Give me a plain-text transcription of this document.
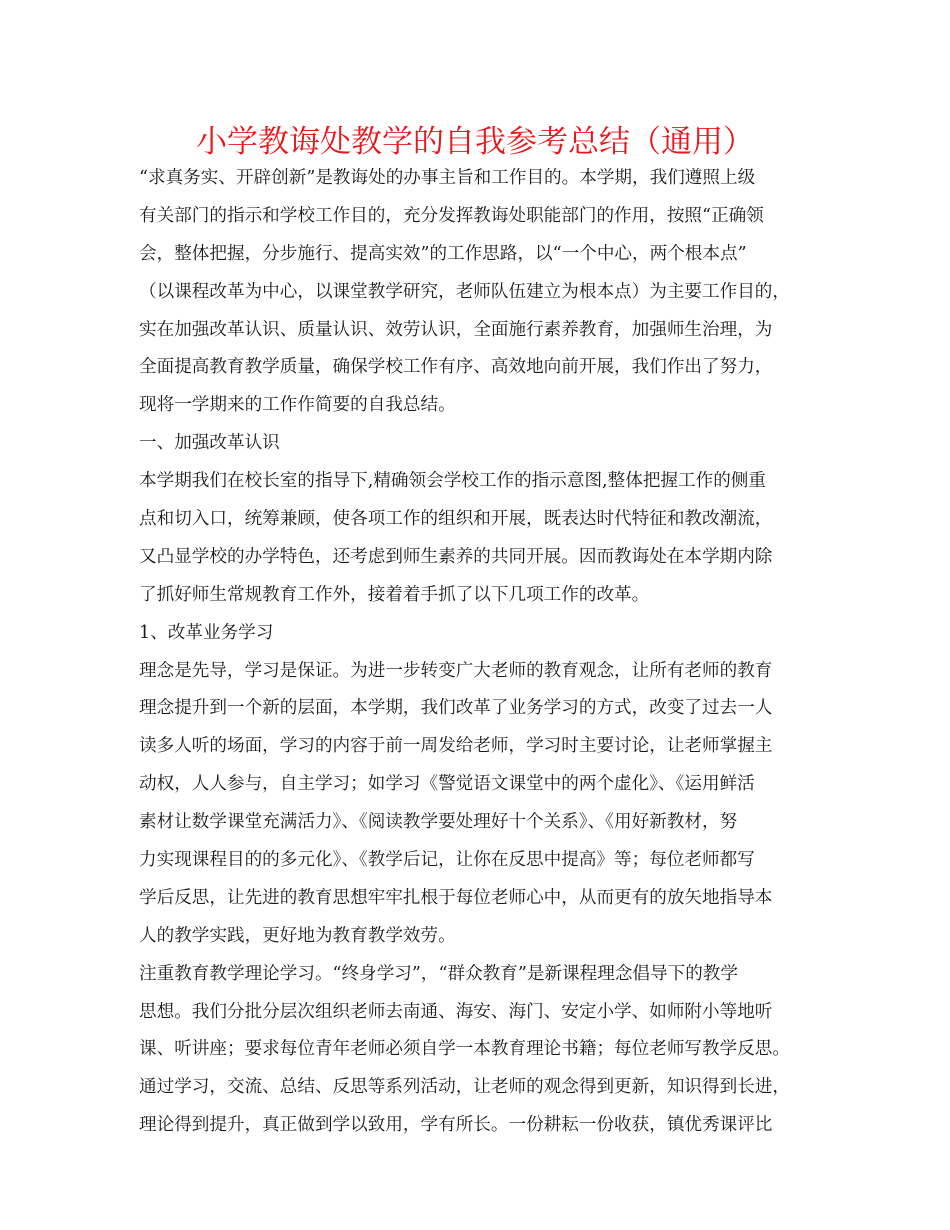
小学教诲处教学的自我参考总结（通用）
“求真务实、开辟创新”是教诲处的办事主旨和工作目的。本学期，我们遵照上级
有关部门的指示和学校工作目的，充分发挥教诲处职能部门的作用，按照“正确领
会，整体把握，分步施行、提高实效”的工作思路，以“一个中心，两个根本点”
（以课程改革为中心，以课堂教学研究，老师队伍建立为根本点）为主要工作目的，
实在加强改革认识、质量认识、效劳认识，全面施行素养教育，加强师生治理，为
全面提高教育教学质量，确保学校工作有序、高效地向前开展，我们作出了努力，
现将一学期来的工作作简要的自我总结。
一、加强改革认识
本学期我们在校长室的指导下,精确领会学校工作的指示意图,整体把握工作的侧重
点和切入口，统筹兼顾，使各项工作的组织和开展，既表达时代特征和教改潮流，
又凸显学校的办学特色，还考虑到师生素养的共同开展。因而教诲处在本学期内除
了抓好师生常规教育工作外，接着着手抓了以下几项工作的改革。
1、改革业务学习
理念是先导，学习是保证。为进一步转变广大老师的教育观念，让所有老师的教育
理念提升到一个新的层面，本学期，我们改革了业务学习的方式，改变了过去一人
读多人听的场面，学习的内容于前一周发给老师，学习时主要讨论，让老师掌握主
动权，人人参与，自主学习；如学习《警觉语文课堂中的两个虚化》、《运用鲜活
素材让数学课堂充满活力》、《阅读教学要处理好十个关系》、《用好新教材，努
力实现课程目的的多元化》、《教学后记，让你在反思中提高》等；每位老师都写
学后反思，让先进的教育思想牢牢扎根于每位老师心中，从而更有的放矢地指导本
人的教学实践，更好地为教育教学效劳。
注重教育教学理论学习。“终身学习”，“群众教育”是新课程理念倡导下的教学
思想。我们分批分层次组织老师去南通、海安、海门、安定小学、如师附小等地听
课、听讲座；要求每位青年老师必须自学一本教育理论书籍；每位老师写教学反思。
通过学习，交流、总结、反思等系列活动，让老师的观念得到更新，知识得到长进，
理论得到提升，真正做到学以致用，学有所长。一份耕耘一份收获，镇优秀课评比
